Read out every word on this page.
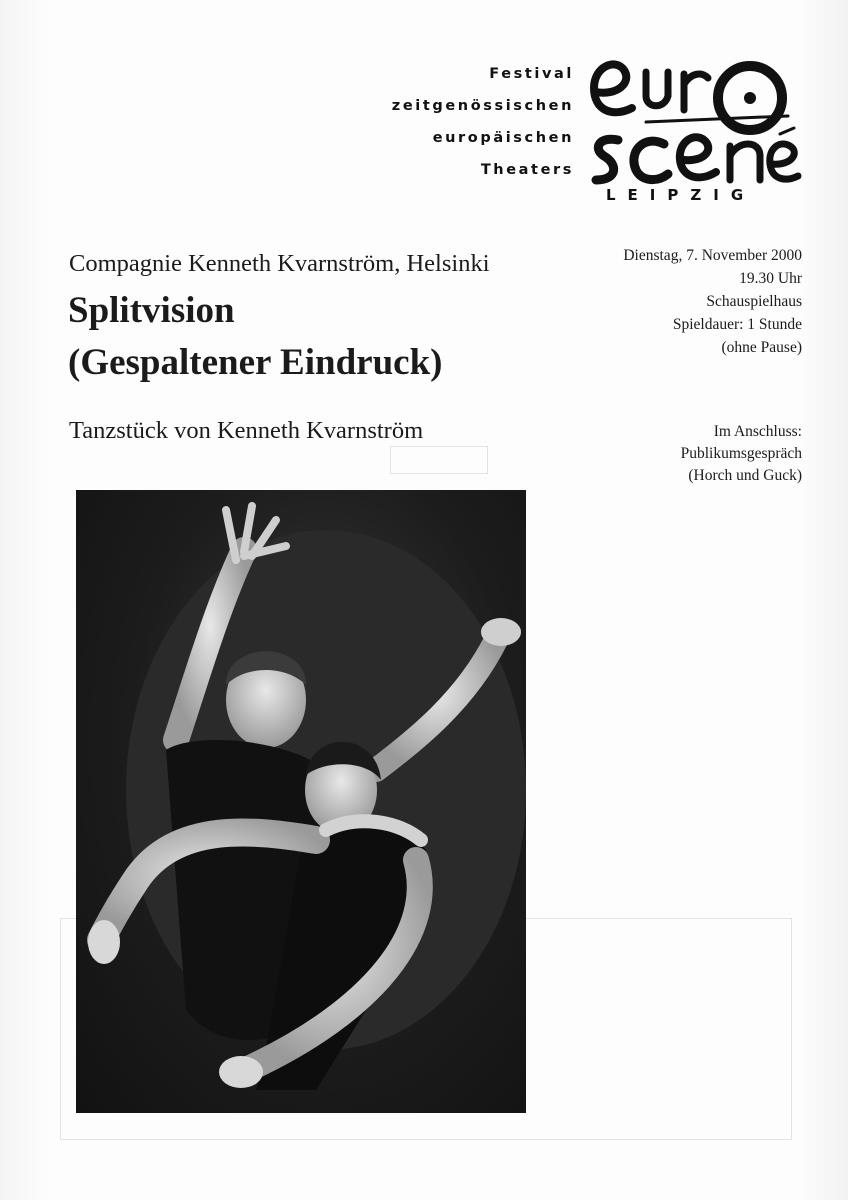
Festival
zeitgenössischen
europäischen
Theaters
LEIPZIG
Compagnie Kenneth Kvarnström, Helsinki
Splitvision
(Gespaltener Eindruck)
Tanzstück von Kenneth Kvarnström
Dienstag, 7. November 2000
19.30 Uhr
Schauspielhaus
Spieldauer: 1 Stunde
(ohne Pause)
Im Anschluss:
Publikumsgespräch
(Horch und Guck)
